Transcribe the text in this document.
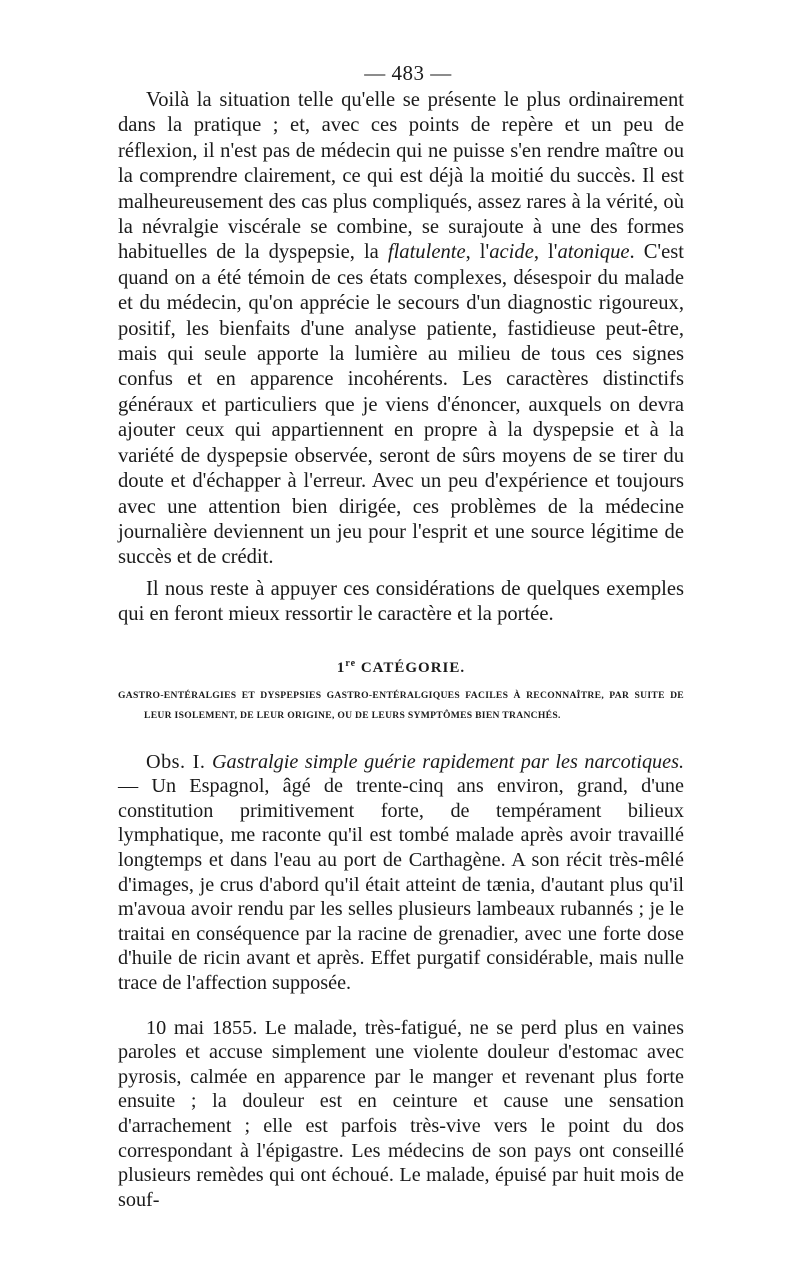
— 483 —

Voilà la situation telle qu'elle se présente le plus ordinairement dans la pratique ; et, avec ces points de repère et un peu de réflexion, il n'est pas de médecin qui ne puisse s'en rendre maître ou la comprendre clairement, ce qui est déjà la moitié du succès. Il est malheureusement des cas plus compliqués, assez rares à la vérité, où la névralgie viscérale se combine, se surajoute à une des formes habituelles de la dyspepsie, la flatulente, l'acide, l'atonique. C'est quand on a été témoin de ces états complexes, désespoir du malade et du médecin, qu'on apprécie le secours d'un diagnostic rigoureux, positif, les bienfaits d'une analyse patiente, fastidieuse peut-être, mais qui seule apporte la lumière au milieu de tous ces signes confus et en apparence incohérents. Les caractères distinctifs généraux et particuliers que je viens d'énoncer, auxquels on devra ajouter ceux qui appartiennent en propre à la dyspepsie et à la variété de dyspepsie observée, seront de sûrs moyens de se tirer du doute et d'échapper à l'erreur. Avec un peu d'expérience et toujours avec une attention bien dirigée, ces problèmes de la médecine journalière deviennent un jeu pour l'esprit et une source légitime de succès et de crédit.

Il nous reste à appuyer ces considérations de quelques exemples qui en feront mieux ressortir le caractère et la portée.

1re CATÉGORIE.
GASTRO-ENTÉRALGIES ET DYSPEPSIES GASTRO-ENTÉRALGIQUES FACILES À RECONNAÎTRE, PAR SUITE DE LEUR ISOLEMENT, DE LEUR ORIGINE, OU DE LEURS SYMPTÔMES BIEN TRANCHÉS.

Obs. I. Gastralgie simple guérie rapidement par les narcotiques. — Un Espagnol, âgé de trente-cinq ans environ, grand, d'une constitution primitivement forte, de tempérament bilieux lymphatique, me raconte qu'il est tombé malade après avoir travaillé longtemps et dans l'eau au port de Carthagène. A son récit très-mêlé d'images, je crus d'abord qu'il était atteint de tænia, d'autant plus qu'il m'avoua avoir rendu par les selles plusieurs lambeaux rubannés ; je le traitai en conséquence par la racine de grenadier, avec une forte dose d'huile de ricin avant et après. Effet purgatif considérable, mais nulle trace de l'affection supposée.

10 mai 1855. Le malade, très-fatigué, ne se perd plus en vaines paroles et accuse simplement une violente douleur d'estomac avec pyrosis, calmée en apparence par le manger et revenant plus forte ensuite ; la douleur est en ceinture et cause une sensation d'arrachement ; elle est parfois très-vive vers le point du dos correspondant à l'épigastre. Les médecins de son pays ont conseillé plusieurs remèdes qui ont échoué. Le malade, épuisé par huit mois de souf-
